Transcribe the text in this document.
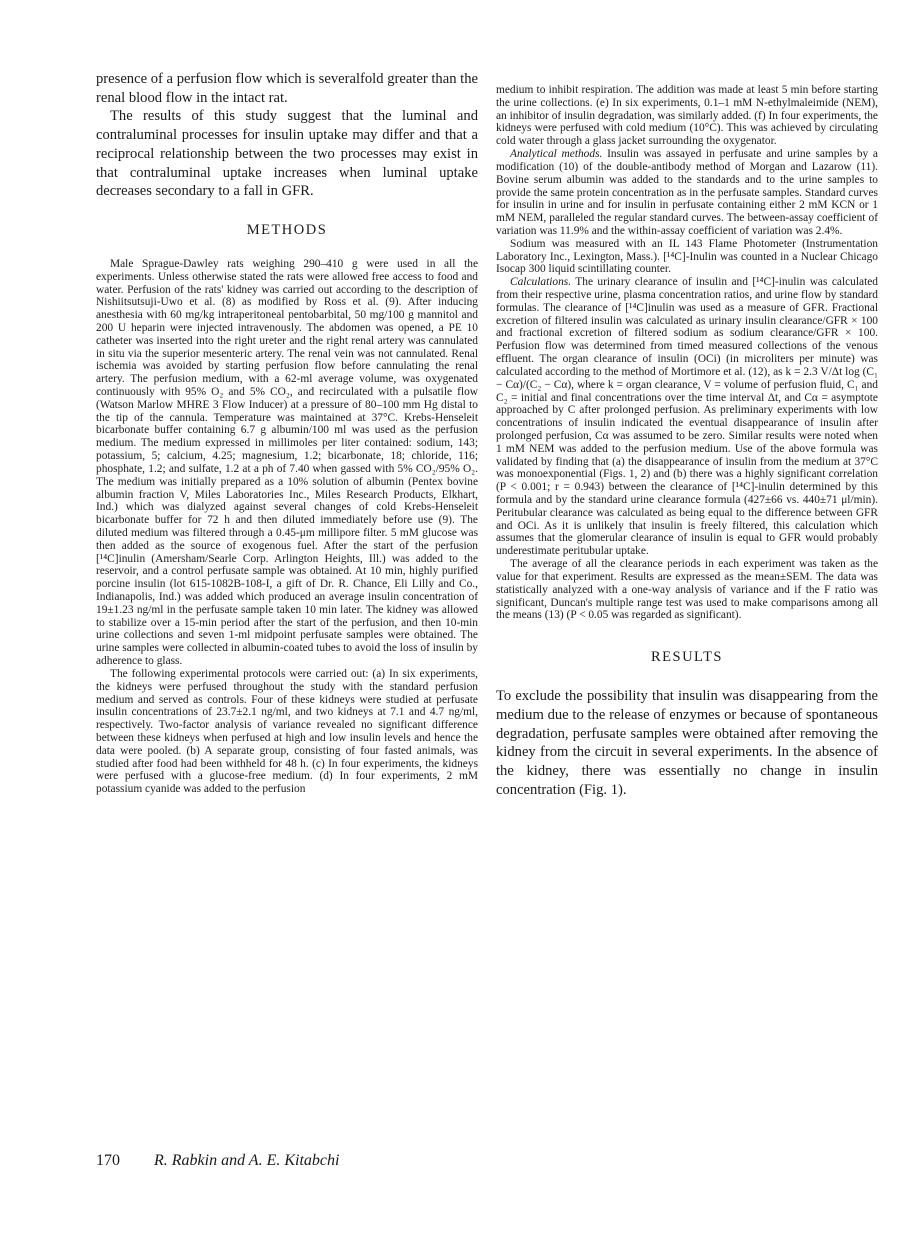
presence of a perfusion flow which is severalfold greater than the renal blood flow in the intact rat.

The results of this study suggest that the luminal and contraluminal processes for insulin uptake may differ and that a reciprocal relationship between the two processes may exist in that contraluminal uptake increases when luminal uptake decreases secondary to a fall in GFR.

METHODS

Male Sprague-Dawley rats weighing 290–410 g were used in all the experiments. Unless otherwise stated the rats were allowed free access to food and water. Perfusion of the rats' kidney was carried out according to the description of Nishiitsutsuji-Uwo et al. (8) as modified by Ross et al. (9). After inducing anesthesia with 60 mg/kg intraperitoneal pentobarbital, 50 mg/100 g mannitol and 200 U heparin were injected intravenously. The abdomen was opened, a PE 10 catheter was inserted into the right ureter and the right renal artery was cannulated in situ via the superior mesenteric artery. The renal vein was not cannulated. Renal ischemia was avoided by starting perfusion flow before cannulating the renal artery. The perfusion medium, with a 62-ml average volume, was oxygenated continuously with 95% O₂ and 5% CO₂, and recirculated with a pulsatile flow (Watson Marlow MHRE 3 Flow Inducer) at a pressure of 80–100 mm Hg distal to the tip of the cannula. Temperature was maintained at 37°C. Krebs-Henseleit bicarbonate buffer containing 6.7 g albumin/100 ml was used as the perfusion medium. The medium expressed in millimoles per liter contained: sodium, 143; potassium, 5; calcium, 4.25; magnesium, 1.2; bicarbonate, 18; chloride, 116; phosphate, 1.2; and sulfate, 1.2 at a ph of 7.40 when gassed with 5% CO₂/95% O₂. The medium was initially prepared as a 10% solution of albumin (Pentex bovine albumin fraction V, Miles Laboratories Inc., Miles Research Products, Elkhart, Ind.) which was dialyzed against several changes of cold Krebs-Henseleit bicarbonate buffer for 72 h and then diluted immediately before use (9). The diluted medium was filtered through a 0.45-μm millipore filter. 5 mM glucose was then added as the source of exogenous fuel. After the start of the perfusion [¹⁴C]inulin (Amersham/Searle Corp. Arlington Heights, Ill.) was added to the reservoir, and a control perfusate sample was obtained. At 10 min, highly purified porcine insulin (lot 615-1082B-108-I, a gift of Dr. R. Chance, Eli Lilly and Co., Indianapolis, Ind.) was added which produced an average insulin concentration of 19±1.23 ng/ml in the perfusate sample taken 10 min later. The kidney was allowed to stabilize over a 15-min period after the start of the perfusion, and then 10-min urine collections and seven 1-ml midpoint perfusate samples were obtained. The urine samples were collected in albumin-coated tubes to avoid the loss of insulin by adherence to glass.

The following experimental protocols were carried out: (a) In six experiments, the kidneys were perfused throughout the study with the standard perfusion medium and served as controls. Four of these kidneys were studied at perfusate insulin concentrations of 23.7±2.1 ng/ml, and two kidneys at 7.1 and 4.7 ng/ml, respectively. Two-factor analysis of variance revealed no significant difference between these kidneys when perfused at high and low insulin levels and hence the data were pooled. (b) A separate group, consisting of four fasted animals, was studied after food had been withheld for 48 h. (c) In four experiments, the kidneys were perfused with a glucose-free medium. (d) In four experiments, 2 mM potassium cyanide was added to the perfusion

medium to inhibit respiration. The addition was made at least 5 min before starting the urine collections. (e) In six experiments, 0.1–1 mM N-ethylmaleimide (NEM), an inhibitor of insulin degradation, was similarly added. (f) In four experiments, the kidneys were perfused with cold medium (10°C). This was achieved by circulating cold water through a glass jacket surrounding the oxygenator.

Analytical methods. Insulin was assayed in perfusate and urine samples by a modification (10) of the double-antibody method of Morgan and Lazarow (11). Bovine serum albumin was added to the standards and to the urine samples to provide the same protein concentration as in the perfusate samples. Standard curves for insulin in urine and for insulin in perfusate containing either 2 mM KCN or 1 mM NEM, paralleled the regular standard curves. The between-assay coefficient of variation was 11.9% and the within-assay coefficient of variation was 2.4%.

Sodium was measured with an IL 143 Flame Photometer (Instrumentation Laboratory Inc., Lexington, Mass.). [¹⁴C]-Inulin was counted in a Nuclear Chicago Isocap 300 liquid scintillating counter.

Calculations. The urinary clearance of insulin and [¹⁴C]-inulin was calculated from their respective urine, plasma concentration ratios, and urine flow by standard formulas. The clearance of [¹⁴C]inulin was used as a measure of GFR. Fractional excretion of filtered insulin was calculated as urinary insulin clearance/GFR × 100 and fractional excretion of filtered sodium as sodium clearance/GFR × 100. Perfusion flow was determined from timed measured collections of the venous effluent. The organ clearance of insulin (OCi) (in microliters per minute) was calculated according to the method of Mortimore et al. (12), as k = 2.3 V/Δt log (C₁ − Cα)/(C₂ − Cα), where k = organ clearance, V = volume of perfusion fluid, C₁ and C₂ = initial and final concentrations over the time interval Δt, and Cα = asymptote approached by C after prolonged perfusion. As preliminary experiments with low concentrations of insulin indicated the eventual disappearance of insulin after prolonged perfusion, Cα was assumed to be zero. Similar results were noted when 1 mM NEM was added to the perfusion medium. Use of the above formula was validated by finding that (a) the disappearance of insulin from the medium at 37°C was monoexponential (Figs. 1, 2) and (b) there was a highly significant correlation (P < 0.001; r = 0.943) between the clearance of [¹⁴C]-inulin determined by this formula and by the standard urine clearance formula (427±66 vs. 440±71 μl/min). Peritubular clearance was calculated as being equal to the difference between GFR and OCi. As it is unlikely that insulin is freely filtered, this calculation which assumes that the glomerular clearance of insulin is equal to GFR would probably underestimate peritubular uptake.

The average of all the clearance periods in each experiment was taken as the value for that experiment. Results are expressed as the mean±SEM. The data was statistically analyzed with a one-way analysis of variance and if the F ratio was significant, Duncan's multiple range test was used to make comparisons among all the means (13) (P < 0.05 was regarded as significant).

RESULTS

To exclude the possibility that insulin was disappearing from the medium due to the release of enzymes or because of spontaneous degradation, perfusate samples were obtained after removing the kidney from the circuit in several experiments. In the absence of the kidney, there was essentially no change in insulin concentration (Fig. 1).

170 R. Rabkin and A. E. Kitabchi
